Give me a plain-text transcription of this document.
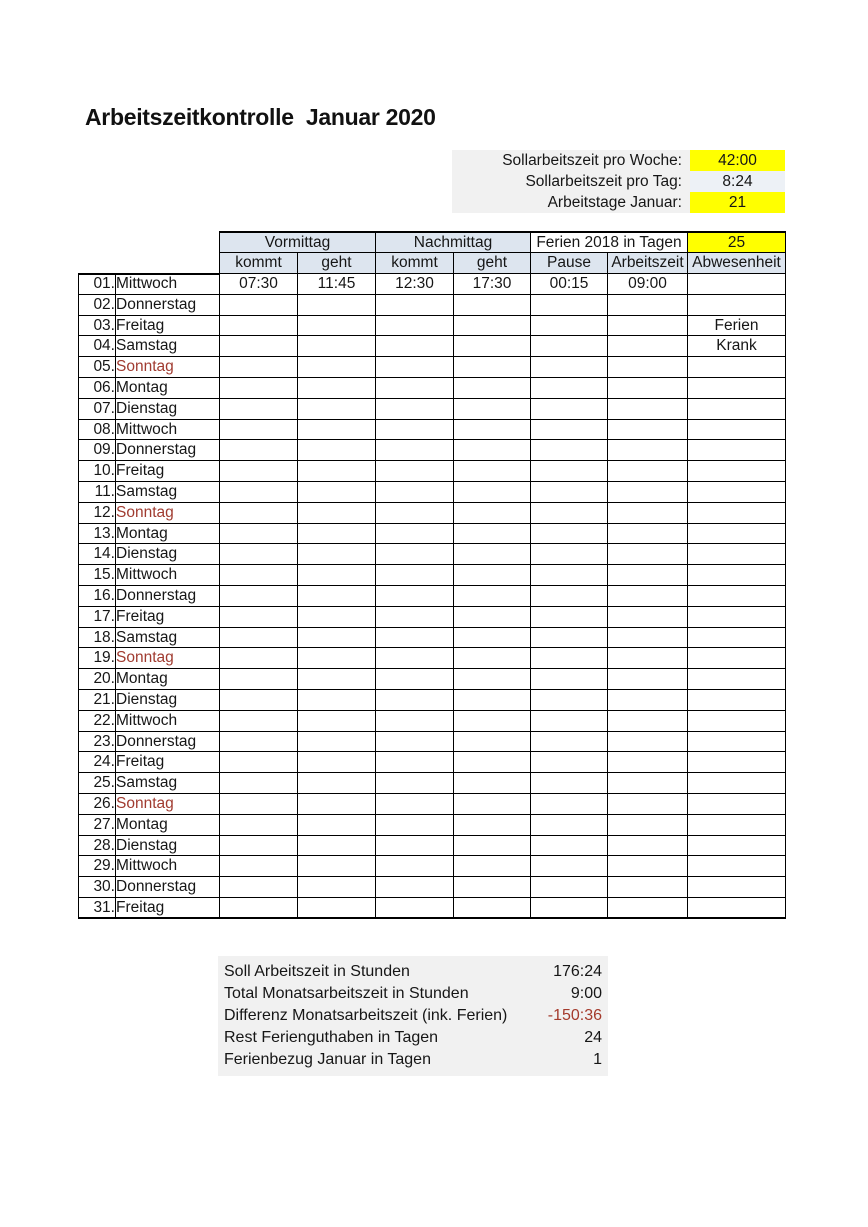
Arbeitszeitkontrolle  Januar 2020
Sollarbeitszeit pro Woche:	42:00
Sollarbeitszeit pro Tag:	8:24
Arbeitstage Januar:	21
		Vormittag		Nachmittag		Ferien 2018 in Tagen		25
		kommt	geht	kommt	geht	Pause	Arbeitszeit	Abwesenheit
01.	Mittwoch	07:30	11:45	12:30	17:30	00:15	09:00	
02.	Donnerstag							
03.	Freitag							Ferien
04.	Samstag							Krank
05.	Sonntag							
06.	Montag							
07.	Dienstag							
08.	Mittwoch							
09.	Donnerstag							
10.	Freitag							
11.	Samstag							
12.	Sonntag							
13.	Montag							
14.	Dienstag							
15.	Mittwoch							
16.	Donnerstag							
17.	Freitag							
18.	Samstag							
19.	Sonntag							
20.	Montag							
21.	Dienstag							
22.	Mittwoch							
23.	Donnerstag							
24.	Freitag							
25.	Samstag							
26.	Sonntag							
27.	Montag							
28.	Dienstag							
29.	Mittwoch							
30.	Donnerstag							
31.	Freitag							
Soll Arbeitszeit in Stunden	176:24
Total Monatsarbeitszeit in Stunden	9:00
Differenz Monatsarbeitszeit (ink. Ferien)	-150:36
Rest Ferienguthaben in Tagen	24
Ferienbezug Januar in Tagen	1
